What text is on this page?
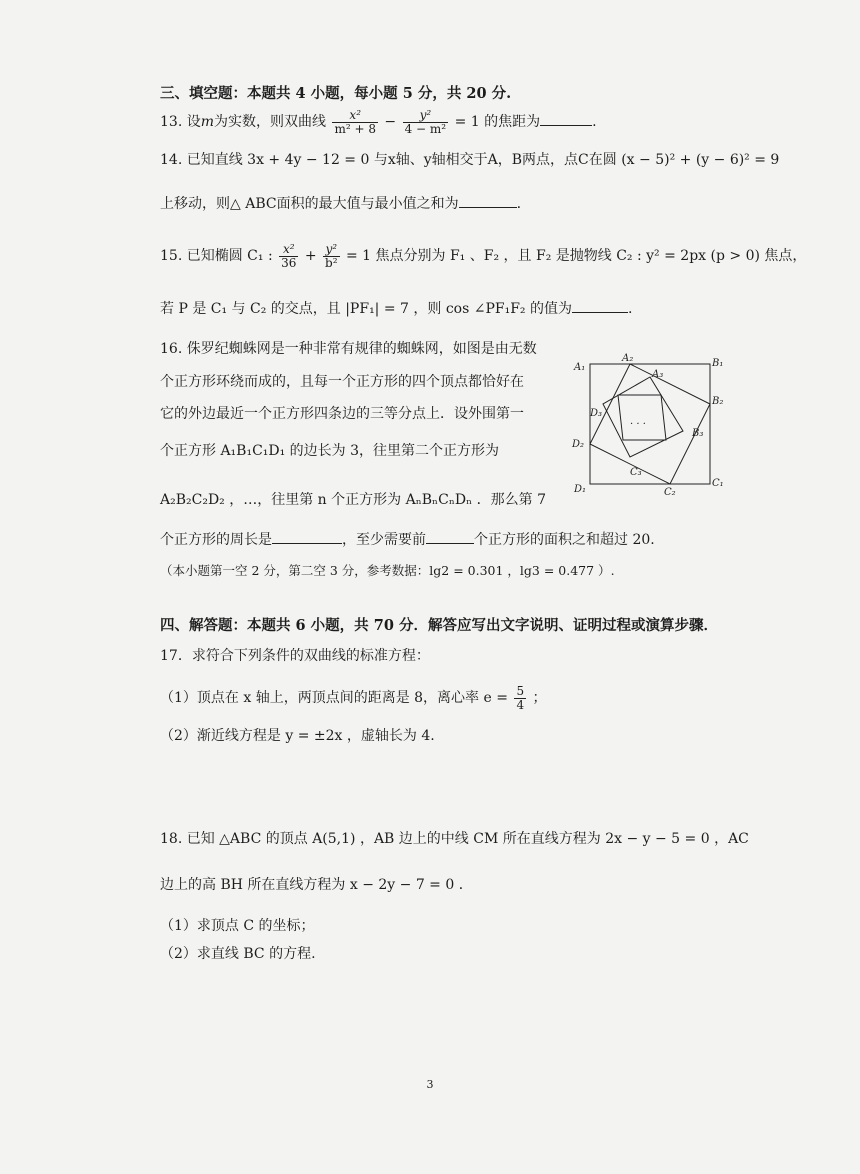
三、填空题：本题共 4 小题，每小题 5 分，共 20 分.
13. 设m为实数，则双曲线 $\frac{\text{x²}}{\text{m² + 8}} - \frac{\text{y²}}{\text{4 − m²}} = 1$ 的焦距为	.
14. 已知直线 3x + 4y − 12 = 0 与x轴、y轴相交于A，B两点，点C在圆 (x − 5)² + (y − 6)² = 9
上移动，则△ ABC面积的最大值与最小值之和为	.
15. 已知椭圆 C₁ : $\frac{\text{x²}}{36} + \frac{\text{y²}}{\text{b²}} = 1$ 焦点分别为 F₁ 、F₂ ，且 F₂ 是抛物线 C₂ : y² = 2px (p > 0) 焦点，
若 P 是 C₁ 与 C₂ 的交点，且 |PF₁| = 7 ，则 cos ∠PF₁F₂ 的值为	.
16. 侏罗纪蜘蛛网是一种非常有规律的蜘蛛网，如图是由无数
个正方形环绕而成的，且每一个正方形的四个顶点都恰好在
它的外边最近一个正方形四条边的三等分点上．设外围第一
个正方形 A₁B₁C₁D₁ 的边长为 3，往里第二个正方形为
A₂B₂C₂D₂ ，…，往里第 n 个正方形为 AₙBₙCₙDₙ ．那么第 7
个正方形的周长是	，至少需要前	个正方形的面积之和超过 20.
（本小题第一空 2 分，第二空 3 分，参考数据：lg2 = 0.301 ，lg3 = 0.477 ）.
A₁
A₂
A₃
B₁
B₂
B₃
C₁
C₂
C₃
D₁
D₂
D₃
· · ·
四、解答题：本题共 6 小题，共 70 分．解答应写出文字说明、证明过程或演算步骤．
17．求符合下列条件的双曲线的标准方程：
（1）顶点在 x 轴上，两顶点间的距离是 8，离心率 $e = \frac{5}{4}$ ；
（2）渐近线方程是 y = ±2x ，虚轴长为 4.
18. 已知 △ABC 的顶点 A(5,1) ，AB 边上的中线 CM 所在直线方程为 2x − y − 5 = 0 ，AC
边上的高 BH 所在直线方程为 x − 2y − 7 = 0 ．
（1）求顶点 C 的坐标；
（2）求直线 BC 的方程.
3
